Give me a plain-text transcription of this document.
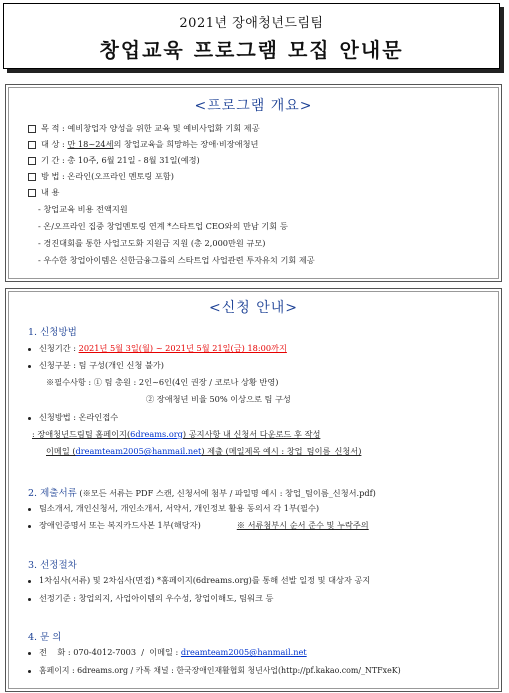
2021년 장애청년드림팀
창업교육 프로그램 모집 안내문
<프로그램 개요>
목 적 : 예비창업자 양성을 위한 교육 및 예비사업화 기회 제공
대 상 : 만 18~24세의 창업교육을 희망하는 장애·비장애청년
기 간 : 총 10주, 6월 21일 - 8월 31일(예정)
방 법 : 온라인(오프라인 멘토링 포함)
내 용
- 창업교육 비용 전액지원
- 온/오프라인 집중 창업멘토링 연계 *스타트업 CEO와의 만남 기회 등
- 경진대회를 통한 사업고도화 지원금 지원 (총 2,000만원 규모)
- 우수한 창업아이템은 신한금융그룹의 스타트업 사업관련 투자유치 기회 제공
<신청 안내>
1. 신청방법
신청기간 : 2021년 5월 3일(월) ~ 2021년 5월 21일(금) 18:00까지
신청구분 : 팀 구성(개인 신청 불가)
※필수사항 : ① 팀 총원 : 2인~6인(4인 권장 / 코로나 상황 반영)
② 장애청년 비율 50% 이상으로 팀 구성
신청방법 : 온라인접수
: 장애청년드림팀 홈페이지(6dreams.org) 공지사항 내 신청서 다운로드 후 작성
이메일 (dreamteam2005@hanmail.net) 제출 (메일제목 예시 : 창업_팀이름_신청서)
2. 제출서류 (※모든 서류는 PDF 스캔, 신청서에 첨부 / 파일명 예시 : 창업_팀이름_신청서.pdf)
팀소개서, 개인신청서, 개인소개서, 서약서, 개인정보 활용 동의서 각 1부(필수)
장애인증명서 또는 복지카드사본 1부(해당자)	※ 서류첨부시 순서 준수 및 누락주의
3. 선정절차
1차심사(서류) 및 2차심사(면접) *홈페이지(6dreams.org)를 통해 선발 일정 및 대상자 공지
선정기준 : 창업의지, 사업아이템의 우수성, 창업이해도, 팀워크 등
4. 문 의
전    화 : 070-4012-7003  /  이메일 : dreamteam2005@hanmail.net
홈페이지 : 6dreams.org / 카톡 채널 : 한국장애인재활협회 청년사업(http://pf.kakao.com/_NTFxeK)
